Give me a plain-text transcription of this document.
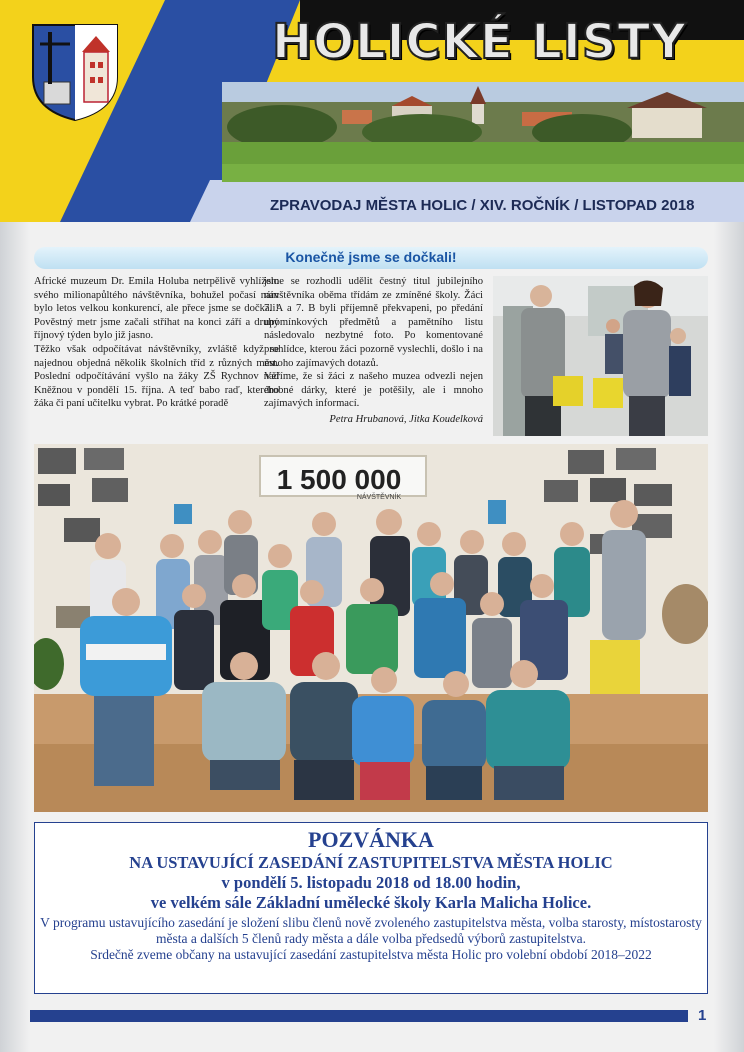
HOLICKÉ LISTY
ZPRAVODAJ MĚSTA HOLIC / XIV. ROČNÍK / LISTOPAD 2018
Konečně jsme se dočkali!

Africké muzeum Dr. Emila Holuba netrpělivě vyhlíželo svého milionapůltého návštěvníka, bohužel počasí nám bylo letos velkou konkurencí, ale přece jsme se dočkali! Pověstný metr jsme začali stříhat na konci září a druhý říjnový týden bylo již jasno.

Těžko však odpočítávat návštěvníky, zvláště když se najednou objedná několik školních tříd z různých měst. Poslední odpočítávání vyšlo na žáky ZŠ Rychnov nad Kněžnou v pondělí 15. října. A teď babo raď, kterého žáka či paní učitelku vybrat. Po krátké poradě

jsme se rozhodli udělit čestný titul jubilejního návštěvníka oběma třídám ze zmíněné školy. Žáci 7. A a 7. B byli příjemně překvapeni, po předání upomínkových předmětů a pamětního listu následovalo nezbytné foto. Po komentované prohlídce, kterou žáci pozorně vyslechli, došlo i na mnoho zajímavých dotazů.

Věříme, že si žáci z našeho muzea odvezli nejen drobné dárky, které je potěšily, ale i mnoho zajímavých informací.

Petra Hrubanová, Jitka Koudelková

1 500 000
NÁVŠTĚVNÍK
POZVÁNKA
NA USTAVUJÍCÍ ZASEDÁNÍ ZASTUPITELSTVA MĚSTA HOLIC
v pondělí 5. listopadu 2018 od 18.00 hodin,
ve velkém sále Základní umělecké školy Karla Malicha Holice.
V programu ustavujícího zasedání je složení slibu členů nově zvoleného zastupitelstva města, volba starosty, místostarosty města a dalších 5 členů rady města a dále volba předsedů výborů zastupitelstva.
Srdečně zveme občany na ustavující zasedání zastupitelstva města Holic pro volební období 2018–2022
1
